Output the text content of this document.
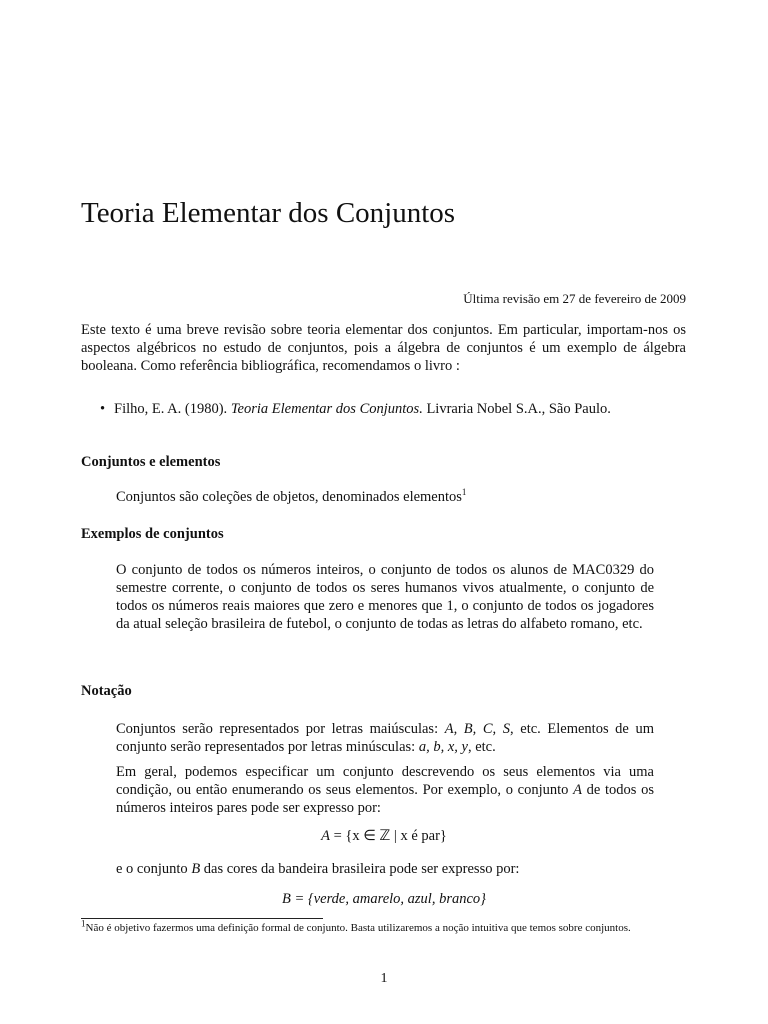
Teoria Elementar dos Conjuntos
Última revisão em 27 de fevereiro de 2009
Este texto é uma breve revisão sobre teoria elementar dos conjuntos. Em particular, importam-nos os aspectos algébricos no estudo de conjuntos, pois a álgebra de conjuntos é um exemplo de álgebra booleana. Como referência bibliográfica, recomendamos o livro :
• Filho, E. A. (1980). Teoria Elementar dos Conjuntos. Livraria Nobel S.A., São Paulo.
Conjuntos e elementos
Conjuntos são coleções de objetos, denominados elementos$^1$
Exemplos de conjuntos
O conjunto de todos os números inteiros, o conjunto de todos os alunos de MAC0329 do semestre corrente, o conjunto de todos os seres humanos vivos atualmente, o conjunto de todos os números reais maiores que zero e menores que 1, o conjunto de todos os jogadores da atual seleção brasileira de futebol, o conjunto de todas as letras do alfabeto romano, etc.
Notação
Conjuntos serão representados por letras maiúsculas: A, B, C, S, etc. Elementos de um conjunto serão representados por letras minúsculas: a, b, x, y, etc.
Em geral, podemos especificar um conjunto descrevendo os seus elementos via uma condição, ou então enumerando os seus elementos. Por exemplo, o conjunto A de todos os números inteiros pares pode ser expresso por:
A = {x ∈ ℤ | x é par}
e o conjunto B das cores da bandeira brasileira pode ser expresso por:
B = {verde, amarelo, azul, branco}
$^1$Não é objetivo fazermos uma definição formal de conjunto. Basta utilizaremos a noção intuitiva que temos sobre conjuntos.
1
